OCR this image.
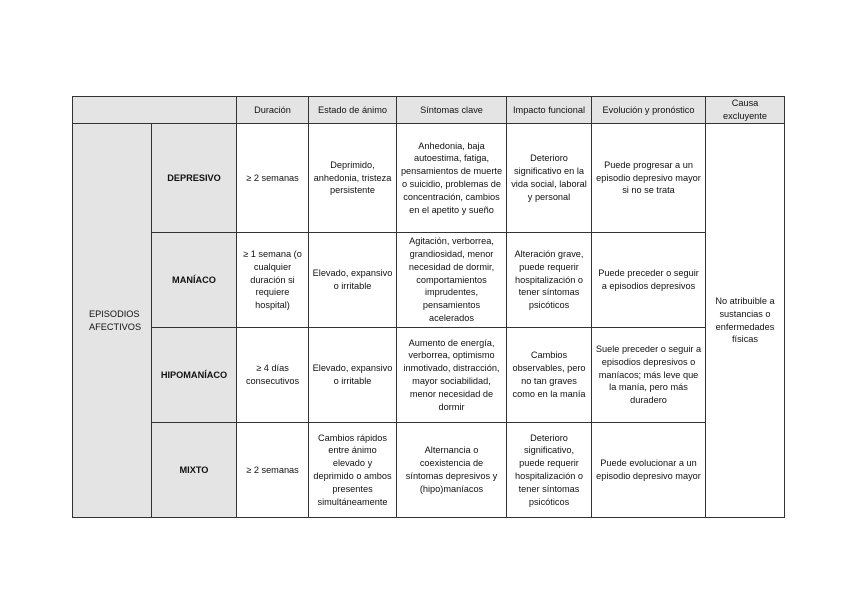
		Duración	Estado de ánimo	Síntomas clave	Impacto funcional	Evolución y pronóstico	Causa excluyente
EPISODIOS AFECTIVOS	DEPRESIVO	≥ 2 semanas	Deprimido, anhedonia, tristeza persistente	Anhedonia, baja autoestima, fatiga, pensamientos de muerte o suicidio, problemas de concentración, cambios en el apetito y sueño	Deterioro significativo en la vida social, laboral y personal	Puede progresar a un episodio depresivo mayor si no se trata	No atribuible a sustancias o enfermedades físicas
	MANÍACO	≥ 1 semana (o cualquier duración si requiere hospital)	Elevado, expansivo o irritable	Agitación, verborrea, grandiosidad, menor necesidad de dormir, comportamientos imprudentes, pensamientos acelerados	Alteración grave, puede requerir hospitalización o tener síntomas psicóticos	Puede preceder o seguir a episodios depresivos	
	HIPOMANÍACO	≥ 4 días consecutivos	Elevado, expansivo o irritable	Aumento de energía, verborrea, optimismo inmotivado, distracción, mayor sociabilidad, menor necesidad de dormir	Cambios observables, pero no tan graves como en la manía	Suele preceder o seguir a episodios depresivos o maníacos; más leve que la manía, pero más duradero	
	MIXTO	≥ 2 semanas	Cambios rápidos entre ánimo elevado y deprimido o ambos presentes simultáneamente	Alternancia o coexistencia de síntomas depresivos y (hipo)maníacos	Deterioro significativo, puede requerir hospitalización o tener síntomas psicóticos	Puede evolucionar a un episodio depresivo mayor	
